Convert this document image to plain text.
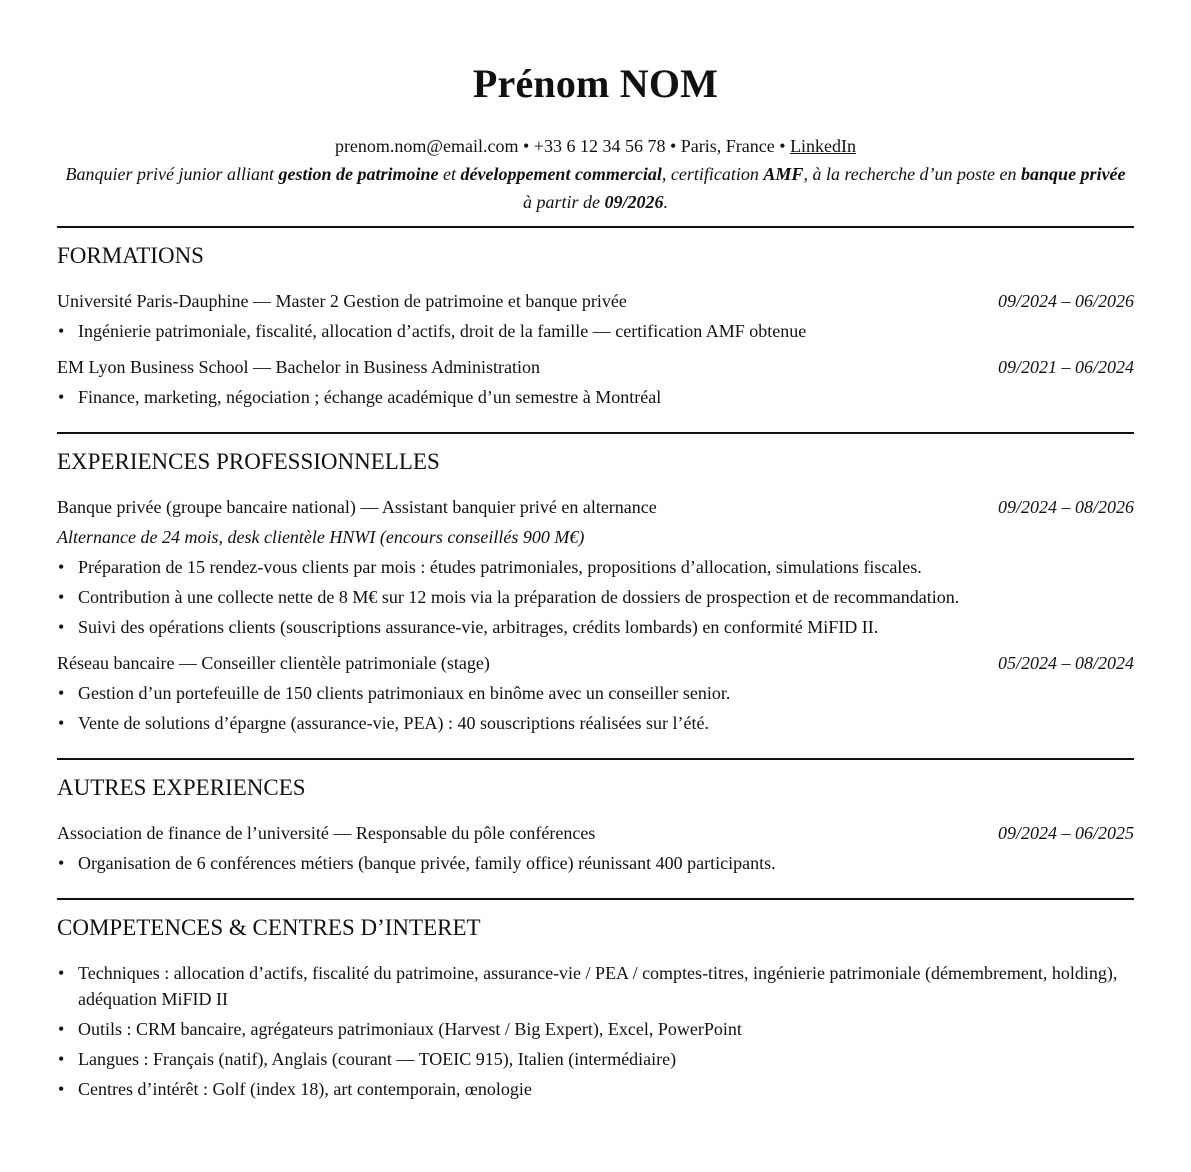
Prénom NOM
prenom.nom@email.com • +33 6 12 34 56 78 • Paris, France • LinkedIn
Banquier privé junior alliant gestion de patrimoine et développement commercial, certification AMF, à la recherche d’un poste en banque privée à partir de 09/2026.
FORMATIONS
Université Paris-Dauphine — Master 2 Gestion de patrimoine et banque privée	09/2024 – 06/2026
• Ingénierie patrimoniale, fiscalité, allocation d’actifs, droit de la famille — certification AMF obtenue
EM Lyon Business School — Bachelor in Business Administration	09/2021 – 06/2024
• Finance, marketing, négociation ; échange académique d’un semestre à Montréal
EXPERIENCES PROFESSIONNELLES
Banque privée (groupe bancaire national) — Assistant banquier privé en alternance	09/2024 – 08/2026
Alternance de 24 mois, desk clientèle HNWI (encours conseillés 900 M€)
• Préparation de 15 rendez-vous clients par mois : études patrimoniales, propositions d’allocation, simulations fiscales.
• Contribution à une collecte nette de 8 M€ sur 12 mois via la préparation de dossiers de prospection et de recommandation.
• Suivi des opérations clients (souscriptions assurance-vie, arbitrages, crédits lombards) en conformité MiFID II.
Réseau bancaire — Conseiller clientèle patrimoniale (stage)	05/2024 – 08/2024
• Gestion d’un portefeuille de 150 clients patrimoniaux en binôme avec un conseiller senior.
• Vente de solutions d’épargne (assurance-vie, PEA) : 40 souscriptions réalisées sur l’été.
AUTRES EXPERIENCES
Association de finance de l’université — Responsable du pôle conférences	09/2024 – 06/2025
• Organisation de 6 conférences métiers (banque privée, family office) réunissant 400 participants.
COMPETENCES & CENTRES D’INTERET
• Techniques : allocation d’actifs, fiscalité du patrimoine, assurance-vie / PEA / comptes-titres, ingénierie patrimoniale (démembrement, holding), adéquation MiFID II
• Outils : CRM bancaire, agrégateurs patrimoniaux (Harvest / Big Expert), Excel, PowerPoint
• Langues : Français (natif), Anglais (courant — TOEIC 915), Italien (intermédiaire)
• Centres d’intérêt : Golf (index 18), art contemporain, œnologie
